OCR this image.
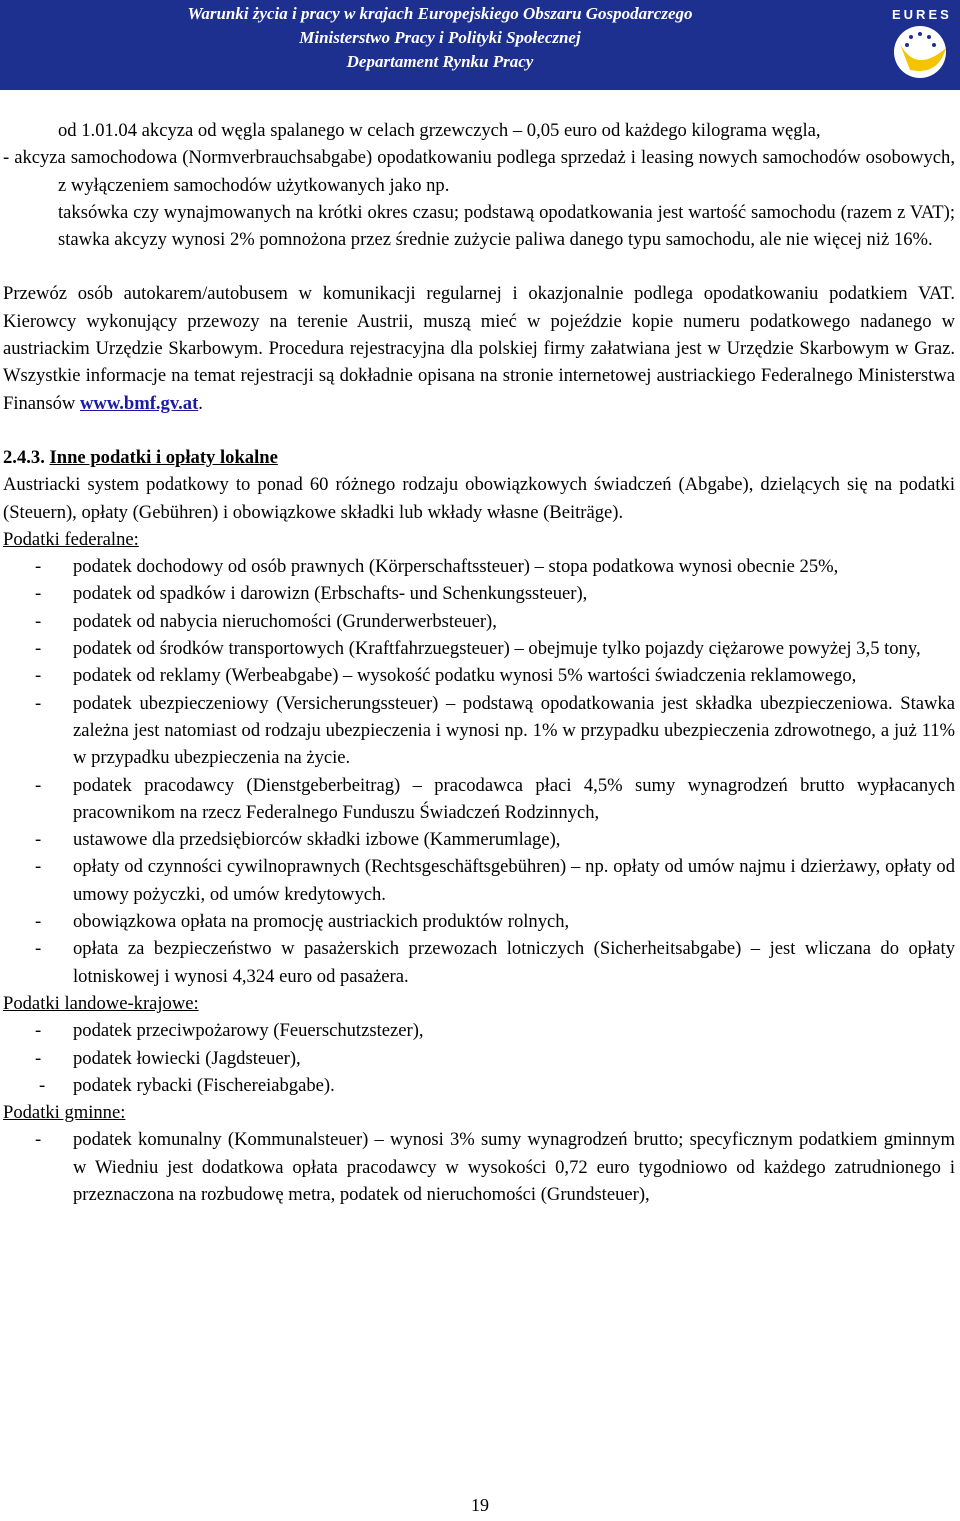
Warunki życia i pracy w krajach Europejskiego Obszaru Gospodarczego
Ministerstwo Pracy i Polityki Społecznej
Departament Rynku Pracy
EURES

od 1.01.04 akcyza od węgla spalanego w celach grzewczych – 0,05 euro od każdego kilograma węgla,

- akcyza samochodowa (Normverbrauchsabgabe) opodatkowaniu podlega sprzedaż i leasing nowych samochodów osobowych, z wyłączeniem samochodów użytkowanych jako np.

taksówka czy wynajmowanych na krótki okres czasu; podstawą opodatkowania jest wartość samochodu (razem z VAT); stawka akcyzy wynosi 2% pomnożona przez średnie zużycie paliwa danego typu samochodu, ale nie więcej niż 16%.

Przewóz osób autokarem/autobusem w komunikacji regularnej i okazjonalnie podlega opodatkowaniu podatkiem VAT. Kierowcy wykonujący przewozy na terenie Austrii, muszą mieć w pojeździe kopie numeru podatkowego nadanego w austriackim Urzędzie Skarbowym. Procedura rejestracyjna dla polskiej firmy załatwiana jest w Urzędzie Skarbowym w Graz. Wszystkie informacje na temat rejestracji są dokładnie opisana na stronie internetowej austriackiego Federalnego Ministerstwa Finansów www.bmf.gv.at.

2.4.3. Inne podatki i opłaty lokalne

Austriacki system podatkowy to ponad 60 różnego rodzaju obowiązkowych świadczeń (Abgabe), dzielących się na podatki (Steuern), opłaty (Gebühren) i obowiązkowe składki lub wkłady własne (Beiträge).

Podatki federalne:

- podatek dochodowy od osób prawnych (Körperschaftssteuer) – stopa podatkowa wynosi obecnie 25%,

- podatek od spadków i darowizn (Erbschafts- und Schenkungssteuer),

- podatek od nabycia nieruchomości (Grunderwerbsteuer),

- podatek od środków transportowych (Kraftfahrzuegsteuer) – obejmuje tylko pojazdy ciężarowe powyżej 3,5 tony,

- podatek od reklamy (Werbeabgabe) – wysokość podatku wynosi 5% wartości świadczenia reklamowego,

- podatek ubezpieczeniowy (Versicherungssteuer) – podstawą opodatkowania jest składka ubezpieczeniowa. Stawka zależna jest natomiast od rodzaju ubezpieczenia i wynosi np. 1% w przypadku ubezpieczenia zdrowotnego, a już 11% w przypadku ubezpieczenia na życie.

- podatek pracodawcy (Dienstgeberbeitrag) – pracodawca płaci 4,5% sumy wynagrodzeń brutto wypłacanych pracownikom na rzecz Federalnego Funduszu Świadczeń Rodzinnych,

- ustawowe dla przedsiębiorców składki izbowe (Kammerumlage),

- opłaty od czynności cywilnoprawnych (Rechtsgeschäftsgebühren) – np. opłaty od umów najmu i dzierżawy, opłaty od umowy pożyczki, od umów kredytowych.

- obowiązkowa opłata na promocję austriackich produktów rolnych,

- opłata za bezpieczeństwo w pasażerskich przewozach lotniczych (Sicherheitsabgabe) – jest wliczana do opłaty lotniskowej i wynosi 4,324 euro od pasażera.

Podatki landowe-krajowe:

- podatek przeciwpożarowy (Feuerschutzstezer),

- podatek łowiecki (Jagdsteuer),

- podatek rybacki (Fischereiabgabe).

Podatki gminne:

- podatek komunalny (Kommunalsteuer) – wynosi 3% sumy wynagrodzeń brutto; specyficznym podatkiem gminnym w Wiedniu jest dodatkowa opłata pracodawcy w wysokości 0,72 euro tygodniowo od każdego zatrudnionego i przeznaczona na rozbudowę metra, podatek od nieruchomości (Grundsteuer),

19
